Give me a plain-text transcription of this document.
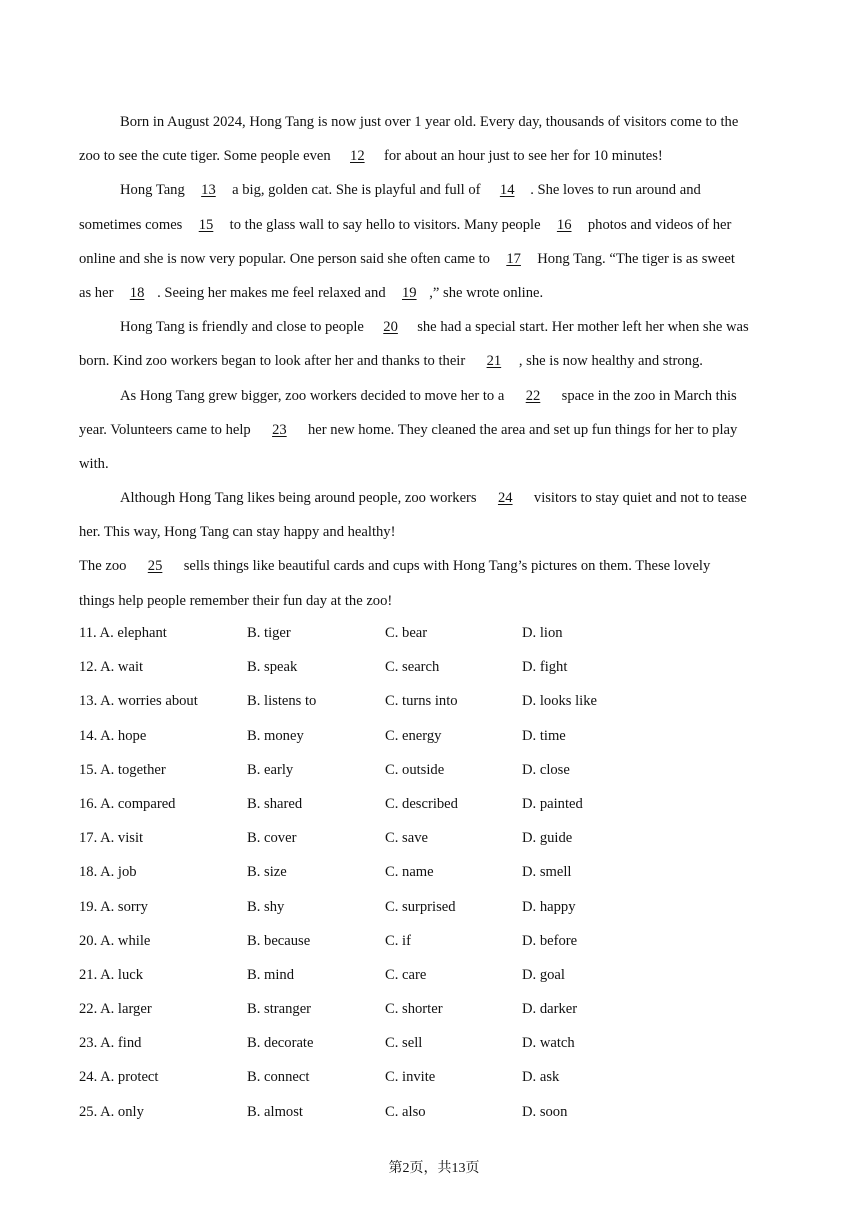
Born in August 2024, Hong Tang is now just over 1 year old. Every day, thousands of visitors come to the
zoo to see the cute tiger. Some people even 12 for about an hour just to see her for 10 minutes!
Hong Tang 13 a big, golden cat. She is playful and full of 14 . She loves to run around and
sometimes comes 15 to the glass wall to say hello to visitors. Many people 16 photos and videos of her
online and she is now very popular. One person said she often came to 17 Hong Tang. “The tiger is as sweet
as her 18 . Seeing her makes me feel relaxed and 19 ,” she wrote online.
Hong Tang is friendly and close to people 20 she had a special start. Her mother left her when she was
born. Kind zoo workers began to look after her and thanks to their 21 , she is now healthy and strong.
As Hong Tang grew bigger, zoo workers decided to move her to a 22 space in the zoo in March this
year. Volunteers came to help 23 her new home. They cleaned the area and set up fun things for her to play
with.
Although Hong Tang likes being around people, zoo workers 24 visitors to stay quiet and not to tease
her. This way, Hong Tang can stay happy and healthy!
The zoo 25 sells things like beautiful cards and cups with Hong Tang’s pictures on them. These lovely
things help people remember their fun day at the zoo!
11. A. elephant	B. tiger	C. bear	D. lion
12. A. wait	B. speak	C. search	D. fight
13. A. worries about	B. listens to	C. turns into	D. looks like
14. A. hope	B. money	C. energy	D. time
15. A. together	B. early	C. outside	D. close
16. A. compared	B. shared	C. described	D. painted
17. A. visit	B. cover	C. save	D. guide
18. A. job	B. size	C. name	D. smell
19. A. sorry	B. shy	C. surprised	D. happy
20. A. while	B. because	C. if	D. before
21. A. luck	B. mind	C. care	D. goal
22. A. larger	B. stranger	C. shorter	D. darker
23. A. find	B. decorate	C. sell	D. watch
24. A. protect	B. connect	C. invite	D. ask
25. A. only	B. almost	C. also	D. soon
第2页，共13页
